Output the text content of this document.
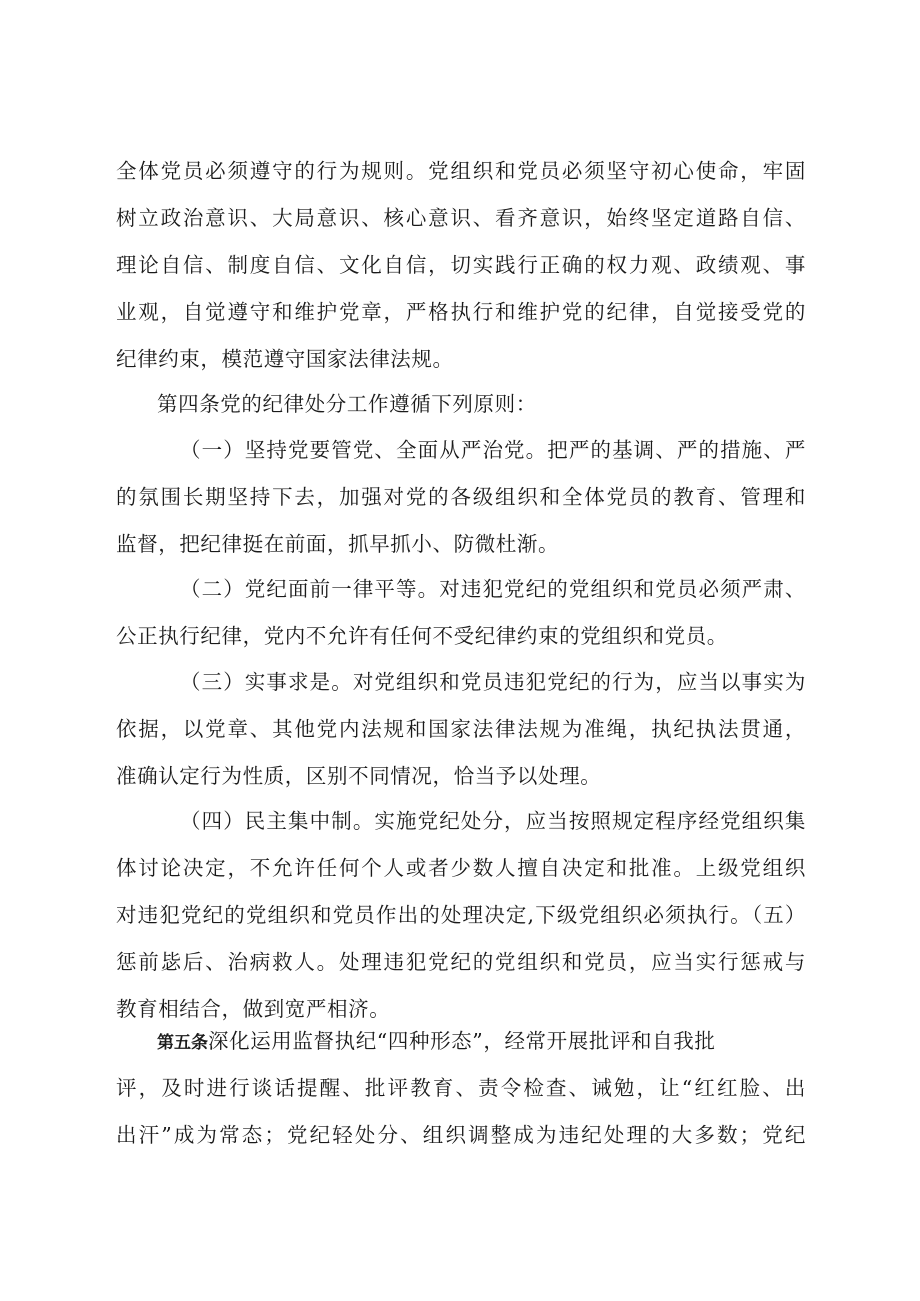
全体党员必须遵守的行为规则。党组织和党员必须坚守初心使命，牢固
树立政治意识、大局意识、核心意识、看齐意识，始终坚定道路自信、
理论自信、制度自信、文化自信，切实践行正确的权力观、政绩观、事
业观，自觉遵守和维护党章，严格执行和维护党的纪律，自觉接受党的
纪律约束，模范遵守国家法律法规。
第四条党的纪律处分工作遵循下列原则：
（一）坚持党要管党、全面从严治党。把严的基调、严的措施、严
的氛围长期坚持下去，加强对党的各级组织和全体党员的教育、管理和
监督，把纪律挺在前面，抓早抓小、防微杜渐。
（二）党纪面前一律平等。对违犯党纪的党组织和党员必须严肃、
公正执行纪律，党内不允许有任何不受纪律约束的党组织和党员。
（三）实事求是。对党组织和党员违犯党纪的行为，应当以事实为
依据，以党章、其他党内法规和国家法律法规为准绳，执纪执法贯通，
准确认定行为性质，区别不同情况，恰当予以处理。
（四）民主集中制。实施党纪处分，应当按照规定程序经党组织集
体讨论决定，不允许任何个人或者少数人擅自决定和批准。上级党组织
对违犯党纪的党组织和党员作出的处理决定,下级党组织必须执行。（五）
惩前毖后、治病救人。处理违犯党纪的党组织和党员，应当实行惩戒与
教育相结合，做到宽严相济。
第五条深化运用监督执纪“四种形态”，经常开展批评和自我批
评，及时进行谈话提醒、批评教育、责令检查、诫勉，让“红红脸、出
出汗”成为常态；党纪轻处分、组织调整成为违纪处理的大多数；党纪
